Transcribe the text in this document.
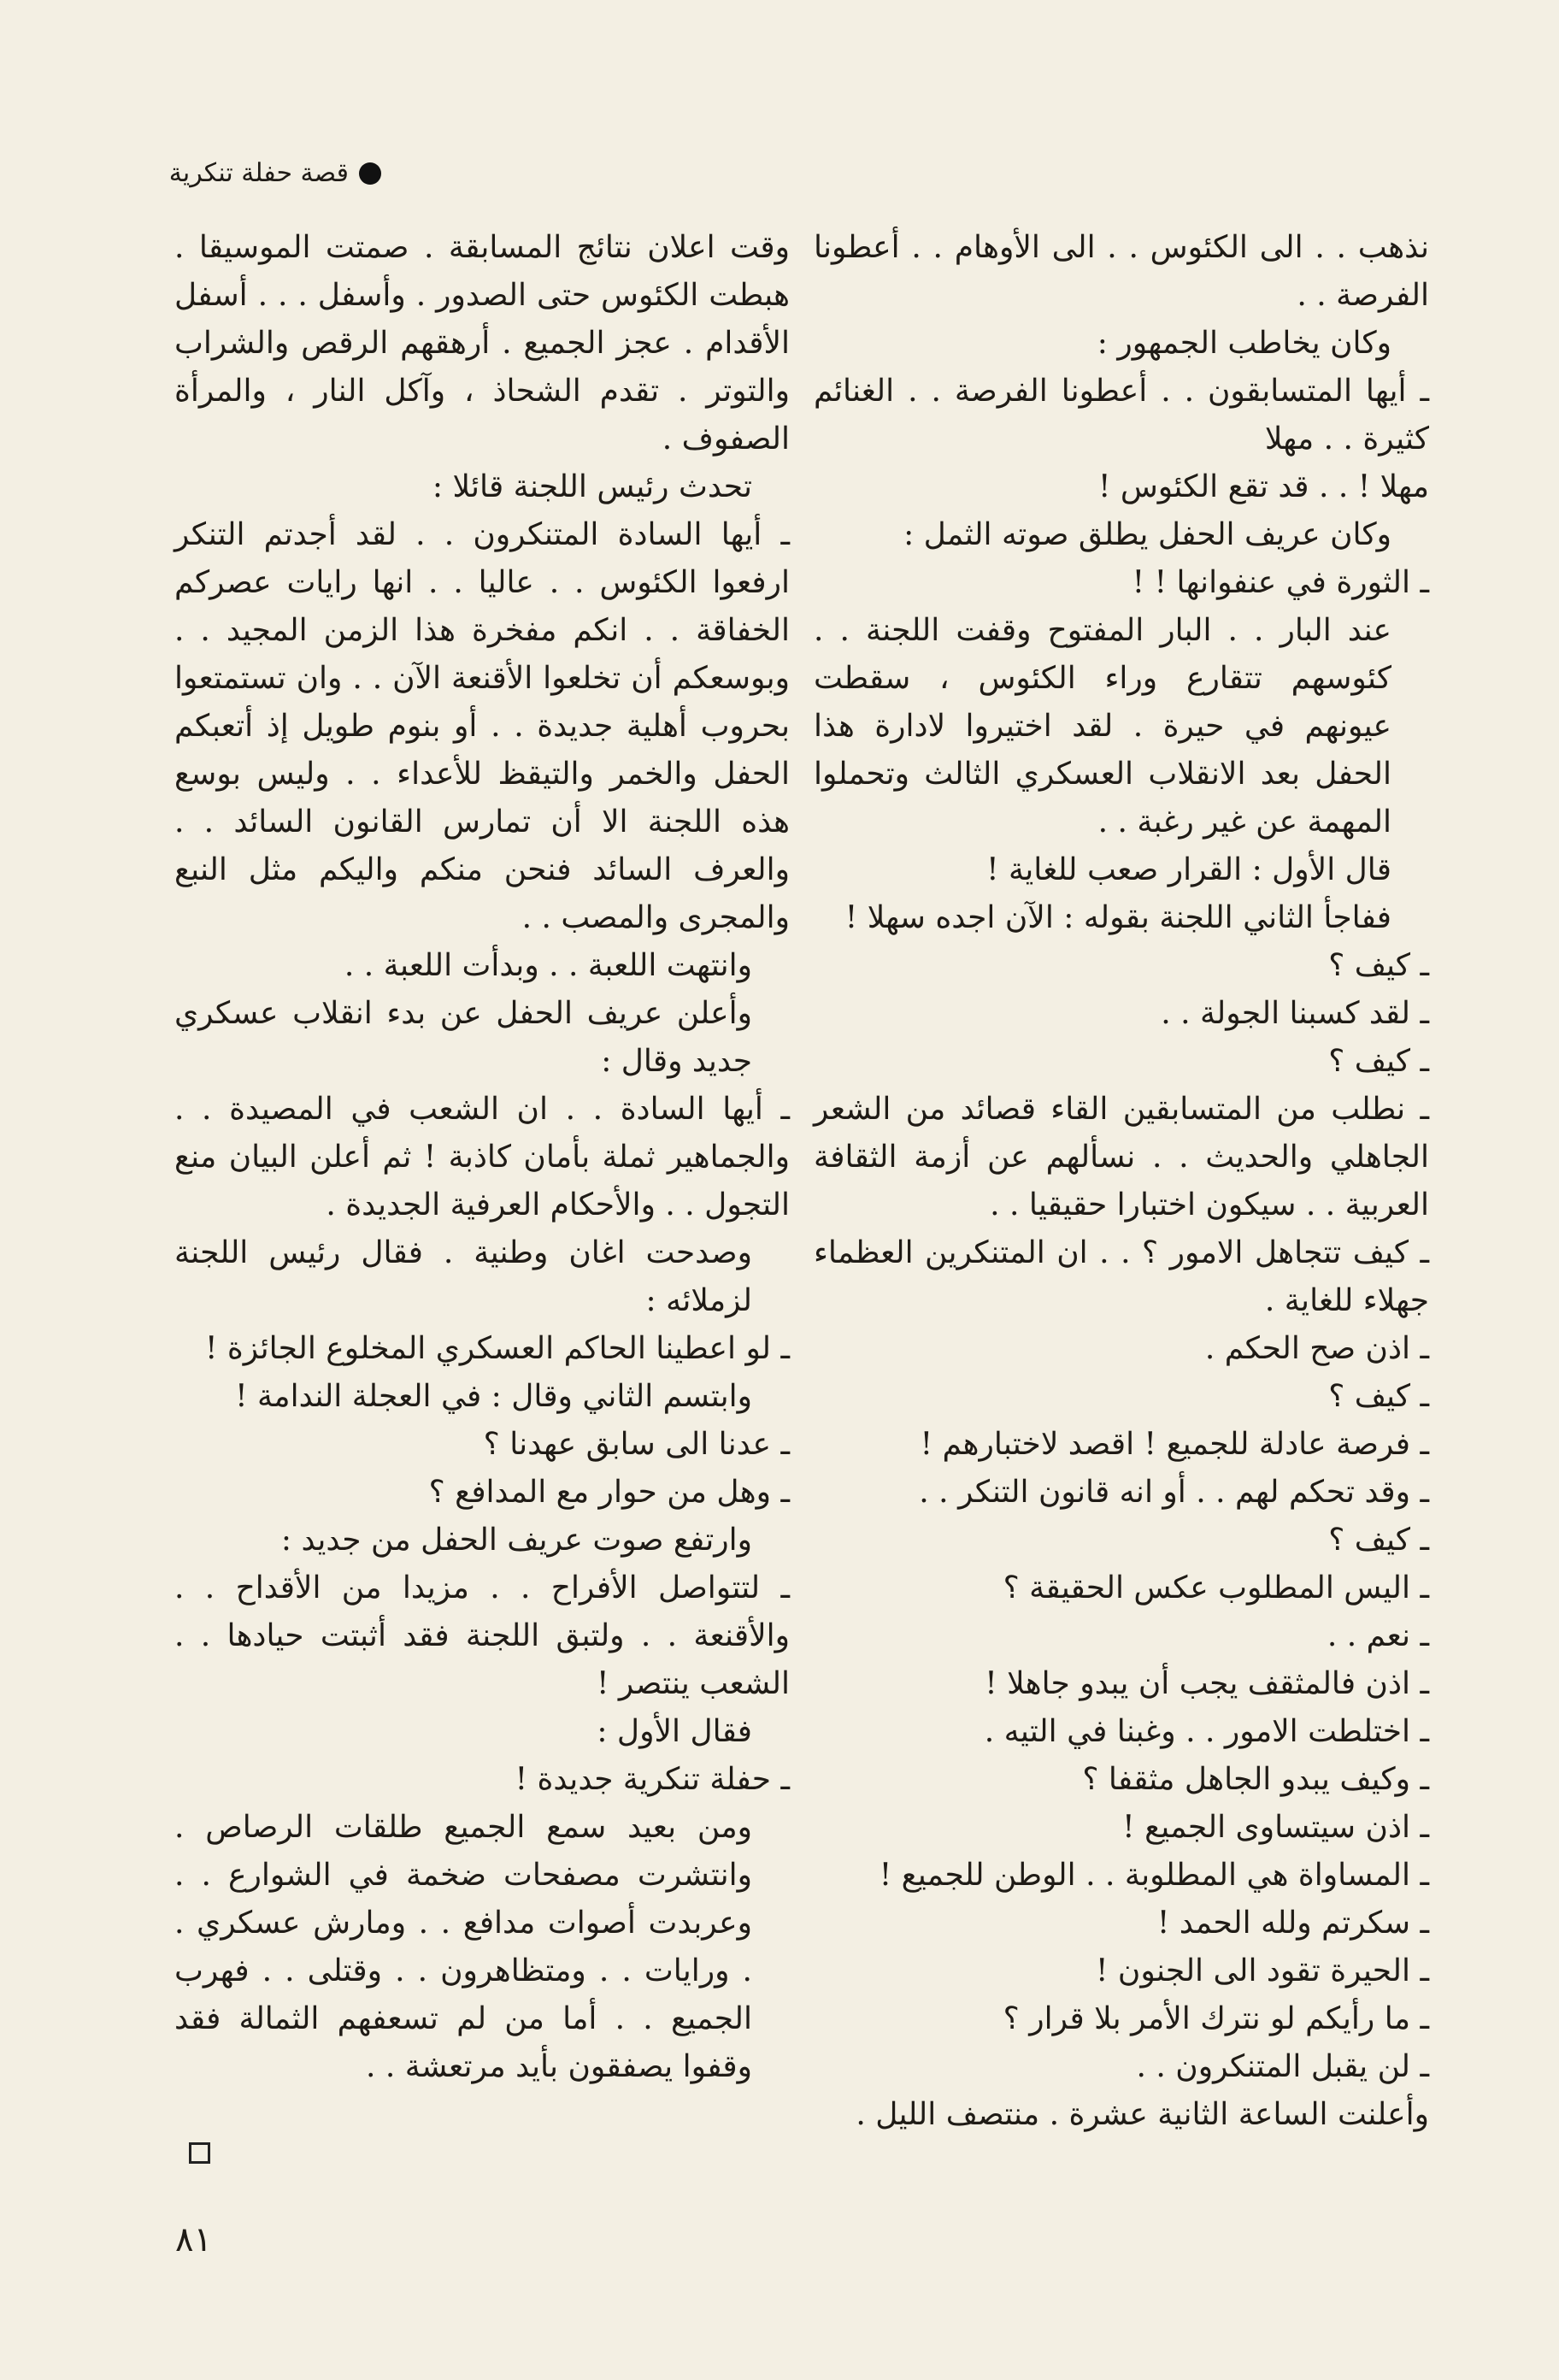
قصة حفلة تنكرية
نذهب . . الى الكئوس . . الى الأوهام . . أعطونا الفرصة . .
وكان يخاطب الجمهور :
ـ أيها المتسابقون . . أعطونا الفرصة . . الغنائم كثيرة . . مهلا
مهلا ! . . قد تقع الكئوس !
وكان عريف الحفل يطلق صوته الثمل :
ـ الثورة في عنفوانها ! !
عند البار . . البار المفتوح وقفت اللجنة . . كئوسهم تتقارع وراء الكئوس ، سقطت عيونهم في حيرة . لقد اختيروا لادارة هذا الحفل بعد الانقلاب العسكري الثالث وتحملوا المهمة عن غير رغبة . .
قال الأول : القرار صعب للغاية !
ففاجأ الثاني اللجنة بقوله : الآن اجده سهلا !
ـ كيف ؟
ـ لقد كسبنا الجولة . .
ـ كيف ؟
ـ نطلب من المتسابقين القاء قصائد من الشعر الجاهلي والحديث . . نسألهم عن أزمة الثقافة العربية . . سيكون اختبارا حقيقيا . .
ـ كيف تتجاهل الامور ؟ . . ان المتنكرين العظماء جهلاء للغاية .
ـ اذن صح الحكم .
ـ كيف ؟
ـ فرصة عادلة للجميع ! اقصد لاختبارهم !
ـ وقد تحكم لهم . . أو انه قانون التنكر . .
ـ كيف ؟
ـ اليس المطلوب عكس الحقيقة ؟
ـ نعم . .
ـ اذن فالمثقف يجب أن يبدو جاهلا !
ـ اختلطت الامور . . وغبنا في التيه .
ـ وكيف يبدو الجاهل مثقفا ؟
ـ اذن سيتساوى الجميع !
ـ المساواة هي المطلوبة . . الوطن للجميع !
ـ سكرتم ولله الحمد !
ـ الحيرة تقود الى الجنون !
ـ ما رأيكم لو نترك الأمر بلا قرار ؟
ـ لن يقبل المتنكرون . .
وأعلنت الساعة الثانية عشرة . منتصف الليل .
وقت اعلان نتائج المسابقة . صمتت الموسيقا . هبطت الكئوس حتى الصدور . وأسفل . . . أسفل الأقدام . عجز الجميع . أرهقهم الرقص والشراب والتوتر . تقدم الشحاذ ، وآكل النار ، والمرأة الصفوف .
تحدث رئيس اللجنة قائلا :
ـ أيها السادة المتنكرون . . لقد أجدتم التنكر ارفعوا الكئوس . . عاليا . . انها رايات عصركم الخفاقة . . انكم مفخرة هذا الزمن المجيد . . وبوسعكم أن تخلعوا الأقنعة الآن . . وان تستمتعوا بحروب أهلية جديدة . . أو بنوم طويل إذ أتعبكم الحفل والخمر والتيقظ للأعداء . . وليس بوسع هذه اللجنة الا أن تمارس القانون السائد . . والعرف السائد فنحن منكم واليكم مثل النبع والمجرى والمصب . .
وانتهت اللعبة . . وبدأت اللعبة . .
وأعلن عريف الحفل عن بدء انقلاب عسكري جديد وقال :
ـ أيها السادة . . ان الشعب في المصيدة . . والجماهير ثملة بأمان كاذبة ! ثم أعلن البيان منع التجول . . والأحكام العرفية الجديدة .
وصدحت اغان وطنية . فقال رئيس اللجنة لزملائه :
ـ لو اعطينا الحاكم العسكري المخلوع الجائزة !
وابتسم الثاني وقال : في العجلة الندامة !
ـ عدنا الى سابق عهدنا ؟
ـ وهل من حوار مع المدافع ؟
وارتفع صوت عريف الحفل من جديد :
ـ لتتواصل الأفراح . . مزيدا من الأقداح . . والأقنعة . . ولتبق اللجنة فقد أثبتت حيادها . . الشعب ينتصر !
فقال الأول :
ـ حفلة تنكرية جديدة !
ومن بعيد سمع الجميع طلقات الرصاص . وانتشرت مصفحات ضخمة في الشوارع . . وعربدت أصوات مدافع . . ومارش عسكري . . ورايات . . ومتظاهرون . . وقتلى . . فهرب الجميع . . أما من لم تسعفهم الثمالة فقد وقفوا يصفقون بأيد مرتعشة . .
٨١
